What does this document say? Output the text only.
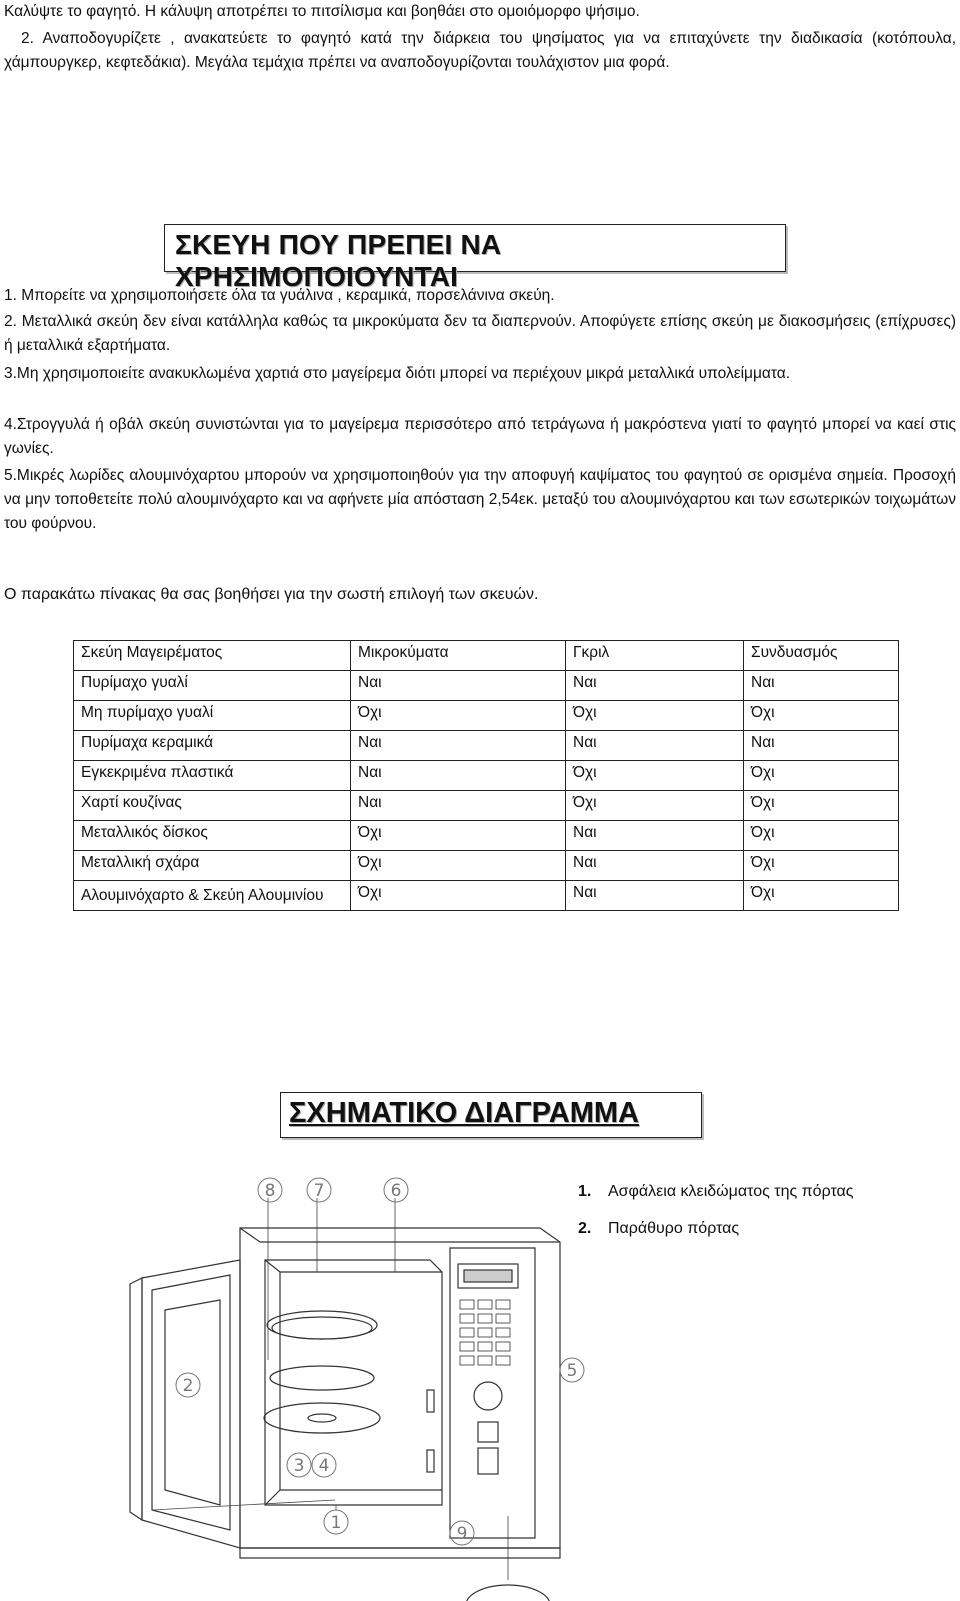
Καλύψτε το φαγητό. Η κάλυψη αποτρέπει το πιτσίλισμα και βοηθάει στο ομοιόμορφο ψήσιμο.

2. Αναποδογυρίζετε , ανακατεύετε το φαγητό κατά την διάρκεια του ψησίματος για να επιταχύνετε την διαδικασία (κοτόπουλα, χάμπουργκερ, κεφτεδάκια). Μεγάλα τεμάχια πρέπει να αναποδογυρίζονται τουλάχιστον μια φορά.

ΣΚΕΥΗ ΠΟΥ ΠΡΕΠΕΙ ΝΑ ΧΡΗΣΙΜΟΠΟΙΟΥΝΤΑΙ

1. Μπορείτε να χρησιμοποιήσετε όλα τα γυάλινα , κεραμικά, πορσελάνινα σκεύη.

2. Μεταλλικά σκεύη δεν είναι κατάλληλα καθώς τα μικροκύματα δεν τα διαπερνούν. Αποφύγετε επίσης σκεύη με διακοσμήσεις (επίχρυσες) ή μεταλλικά εξαρτήματα.

3.Μη χρησιμοποιείτε ανακυκλωμένα χαρτιά στο μαγείρεμα διότι μπορεί να περιέχουν μικρά μεταλλικά υπολείμματα.

4.Στρογγυλά ή οβάλ σκεύη συνιστώνται για το μαγείρεμα περισσότερο από τετράγωνα ή μακρόστενα γιατί το φαγητό μπορεί να καεί στις γωνίες.

5.Μικρές λωρίδες αλουμινόχαρτου μπορούν να χρησιμοποιηθούν για την αποφυγή καψίματος του φαγητού σε ορισμένα σημεία. Προσοχή να μην τοποθετείτε πολύ αλουμινόχαρτο και να αφήνετε μία απόσταση 2,54εκ. μεταξύ του αλουμινόχαρτου και των εσωτερικών τοιχωμάτων του φούρνου.

Ο παρακάτω πίνακας θα σας βοηθήσει για την σωστή επιλογή των σκευών.

Σκεύη Μαγειρέματος	Μικροκύματα	Γκριλ	Συνδυασμός
Πυρίμαχο γυαλί	Ναι	Ναι	Ναι
Μη πυρίμαχο γυαλί	Όχι	Όχι	Όχι
Πυρίμαχα κεραμικά	Ναι	Ναι	Ναι
Εγκεκριμένα πλαστικά	Ναι	Όχι	Όχι
Χαρτί κουζίνας	Ναι	Όχι	Όχι
Μεταλλικός δίσκος	Όχι	Ναι	Όχι
Μεταλλική σχάρα	Όχι	Ναι	Όχι
Αλουμινόχαρτο & Σκεύη Αλουμινίου	Όχι	Ναι	Όχι
ΣΧΗΜΑΤΙΚΟ ΔΙΑΓΡΑΜΜΑ
1. Ασφάλεια κλειδώματος της πόρτας
2. Παράθυρο πόρτας
8 7	6
2
5
3 4
1
9
